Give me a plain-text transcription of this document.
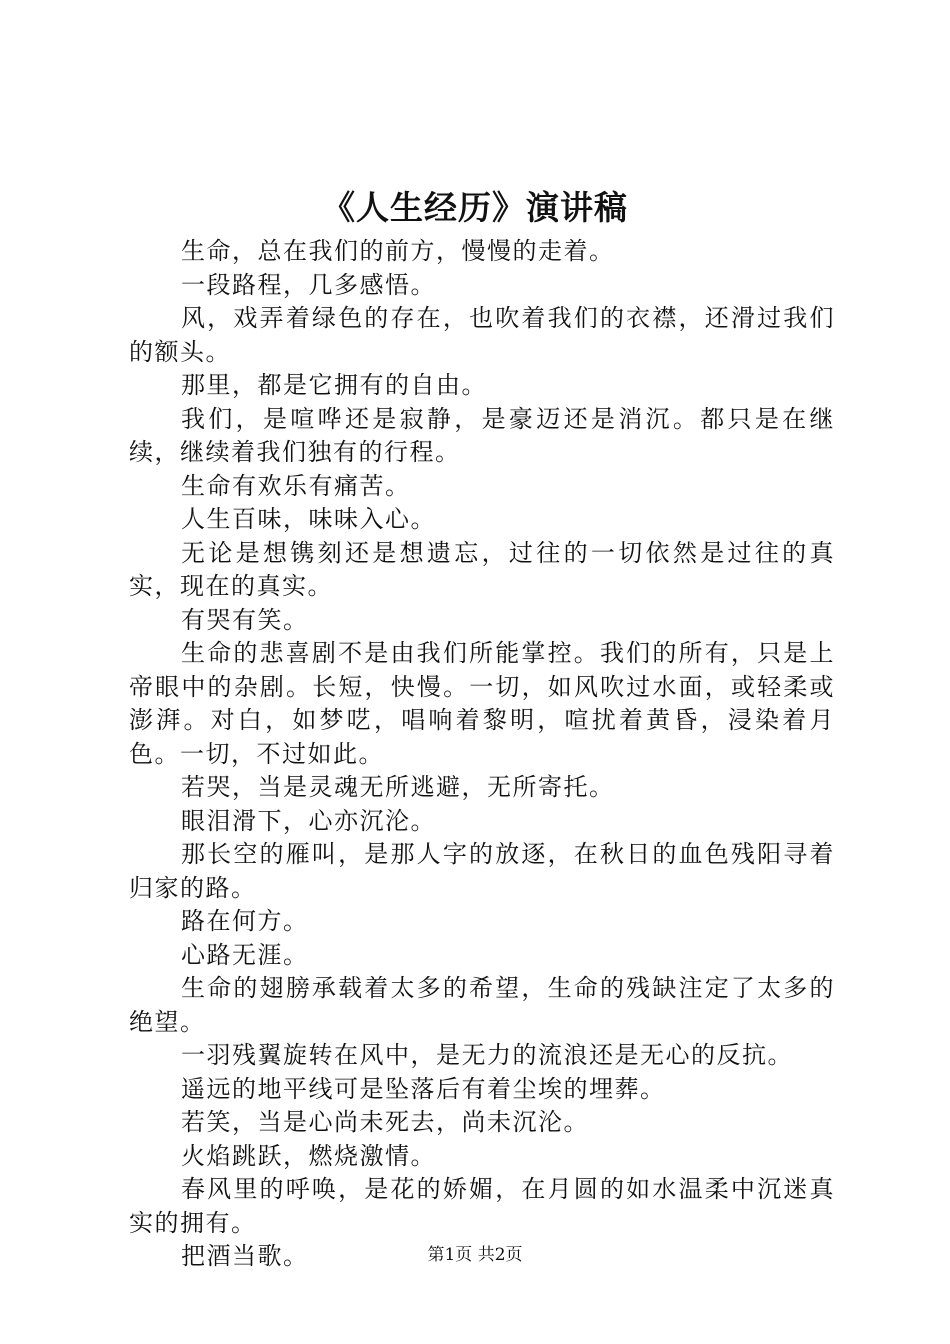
《人生经历》演讲稿

生命，总在我们的前方，慢慢的走着。

一段路程，几多感悟。

风，戏弄着绿色的存在，也吹着我们的衣襟，还滑过我们的额头。

那里，都是它拥有的自由。

我们，是喧哗还是寂静，是豪迈还是消沉。都只是在继续，继续着我们独有的行程。

生命有欢乐有痛苦。

人生百味，味味入心。

无论是想镌刻还是想遗忘，过往的一切依然是过往的真实，现在的真实。

有哭有笑。

生命的悲喜剧不是由我们所能掌控。我们的所有，只是上帝眼中的杂剧。长短，快慢。一切，如风吹过水面，或轻柔或澎湃。对白，如梦呓，唱响着黎明，喧扰着黄昏，浸染着月色。一切，不过如此。

若哭，当是灵魂无所逃避，无所寄托。

眼泪滑下，心亦沉沦。

那长空的雁叫，是那人字的放逐，在秋日的血色残阳寻着归家的路。

路在何方。

心路无涯。

生命的翅膀承载着太多的希望，生命的残缺注定了太多的绝望。

一羽残翼旋转在风中，是无力的流浪还是无心的反抗。

遥远的地平线可是坠落后有着尘埃的埋葬。

若笑，当是心尚未死去，尚未沉沦。

火焰跳跃，燃烧激情。

春风里的呼唤，是花的娇媚，在月圆的如水温柔中沉迷真实的拥有。

把酒当歌。	第1页 共2页
